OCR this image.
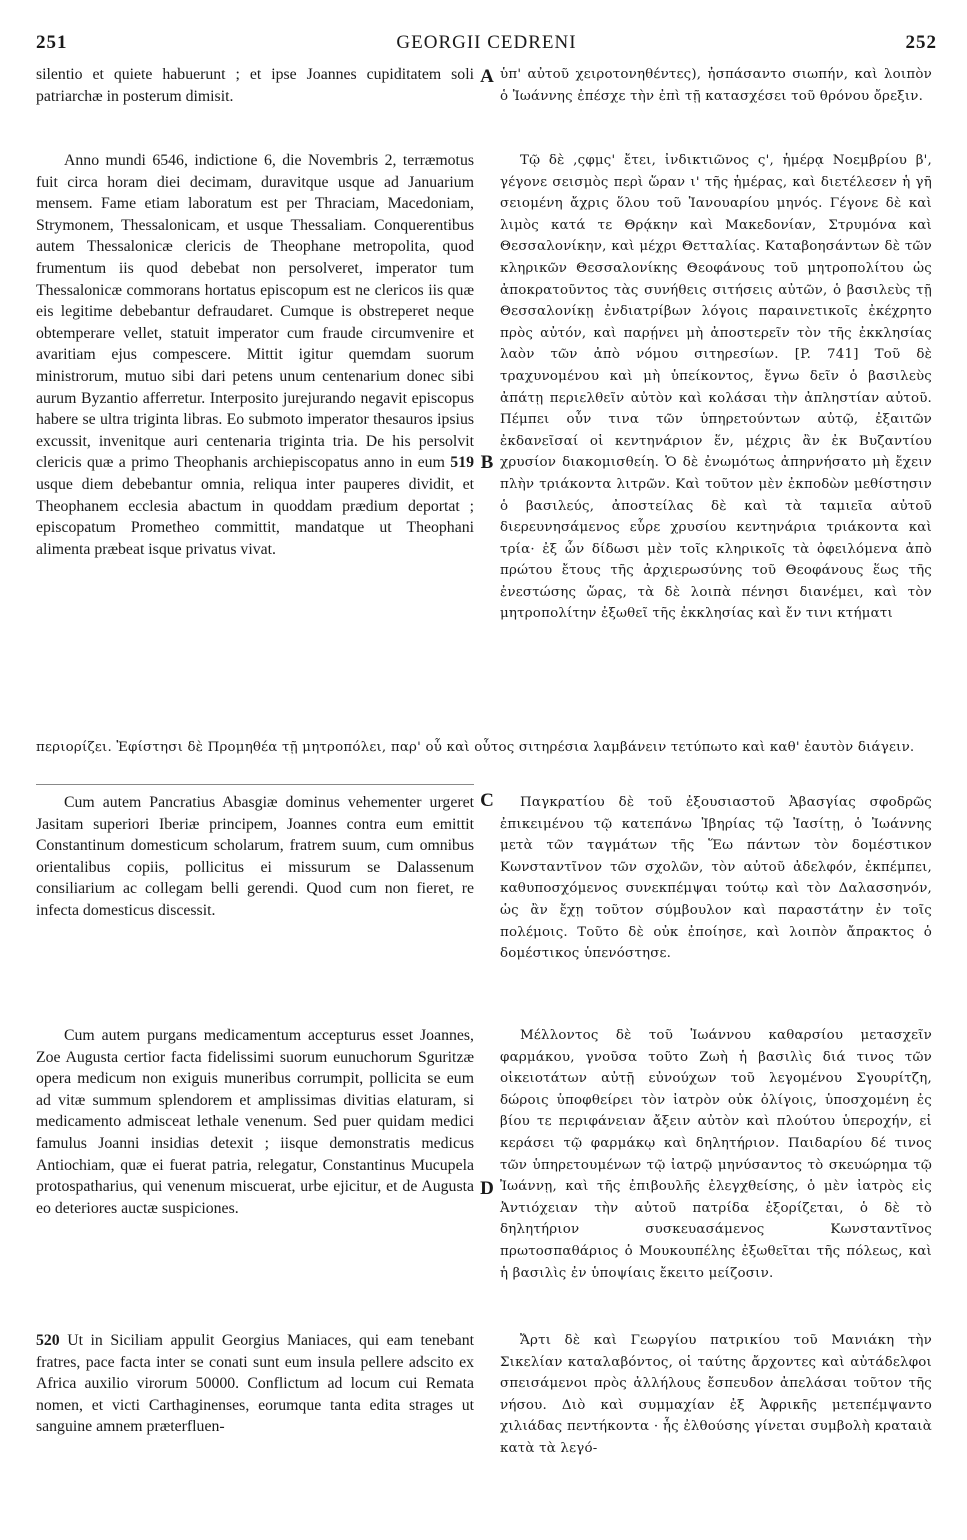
251	GEORGII CEDRENI	252

silentio et quiete habuerunt ; et ipse Joannes cupiditatem soli patriarchæ in posterum dimisit.

A ὑπ' αὐτοῦ χειροτονηθέντες), ἠσπάσαντο σιωπήν, καὶ λοιπὸν ὁ Ἰωάννης ἐπέσχε τὴν ἐπὶ τῇ κατασχέσει τοῦ θρόνου ὄρεξιν.

Anno mundi 6546, indictione 6, die Novembris 2, terræmotus fuit circa horam diei decimam, duravitque usque ad Januarium mensem. Fame etiam laboratum est per Thraciam, Macedoniam, Strymonem, Thessalonicam, et usque Thessaliam. Conquerentibus autem Thessalonicæ clericis de Theophane metropolita, quod frumentum iis quod debebat non persolveret, imperator tum Thessalonicæ commorans hortatus episcopum est ne clericos iis quæ eis legitime debebantur defraudaret. Cumque is obstreperet neque obtemperare vellet, statuit imperator cum fraude circumvenire et avaritiam ejus compescere. Mittit igitur quemdam suorum ministrorum, mutuo sibi dari petens unum centenarium donec sibi aurum Byzantio afferretur. Interposito jurejurando negavit episcopus habere se ultra triginta libras. Eo submoto imperator thesauros ipsius excussit, invenitque auri centenaria triginta tria. De his persolvit clericis quæ a primo Theophanis archiepiscopatus anno in eum 519 usque diem debebantur omnia, reliqua inter pauperes dividit, et Theophanem ecclesia abactum in quoddam prædium deportat ; episcopatum Prometheo committit, mandatque ut Theophani alimenta præbeat isque privatus vivat.

B

Τῷ δὲ ,ςφμς' ἔτει, ἰνδικτιῶνος ς', ἡμέρᾳ Νοεμβρίου β', γέγονε σεισμὸς περὶ ὥραν ι' τῆς ἡμέρας, καὶ διετέλεσεν ἡ γῆ σειομένη ἄχρις ὅλου τοῦ Ἰανουαρίου μηνός. Γέγονε δὲ καὶ λιμὸς κατά τε Θρᾴκην καὶ Μακεδονίαν, Στρυμόνα καὶ Θεσσαλονίκην, καὶ μέχρι Θετταλίας. Καταβοησάντων δὲ τῶν κληρικῶν Θεσσαλονίκης Θεοφάνους τοῦ μητροπολίτου ὡς ἀποκρατοῦντος τὰς συνήθεις σιτήσεις αὐτῶν, ὁ βασιλεὺς τῇ Θεσσαλονίκῃ ἐνδιατρίβων λόγοις παραινετικοῖς ἐκέχρητο πρὸς αὐτόν, καὶ παρῄνει μὴ ἀποστερεῖν τὸν τῆς ἐκκλησίας λαὸν τῶν ἀπὸ νόμου σιτηρεσίων. [P. 741] Τοῦ δὲ τραχυνομένου καὶ μὴ ὑπείκοντος, ἔγνω δεῖν ὁ βασιλεὺς ἀπάτῃ περιελθεῖν αὐτὸν καὶ κολάσαι τὴν ἀπληστίαν αὐτοῦ. Πέμπει οὖν τινα τῶν ὑπηρετούντων αὐτῷ, ἐξαιτῶν ἐκδανεῖσαί οἱ κεντηνάριον ἕν, μέχρις ἂν ἐκ Βυζαντίου χρυσίον διακομισθείη. Ὁ δὲ ἐνωμότως ἀπηρνήσατο μὴ ἔχειν πλὴν τριάκοντα λιτρῶν. Καὶ τοῦτον μὲν ἐκποδὼν μεθίστησιν ὁ βασιλεύς, ἀποστείλας δὲ καὶ τὰ ταμιεῖα αὐτοῦ διερευνησάμενος εὗρε χρυσίου κεντηνάρια τριάκοντα καὶ τρία· ἐξ ὧν δίδωσι μὲν τοῖς κληρικοῖς τὰ ὀφειλόμενα ἀπὸ πρώτου ἔτους τῆς ἀρχιερωσύνης τοῦ Θεοφάνους ἕως τῆς ἐνεστώσης ὥρας, τὰ δὲ λοιπὰ πένησι διανέμει, καὶ τὸν μητροπολίτην ἐξωθεῖ τῆς ἐκκλησίας καὶ ἔν τινι κτήματι

περιορίζει. Ἐφίστησι δὲ Προμηθέα τῇ μητροπόλει, παρ' οὗ καὶ οὗτος σιτηρέσια λαμβάνειν τετύπωτο καὶ καθ' ἑαυτὸν διάγειν.

Cum autem Pancratius Abasgiæ dominus vehementer urgeret Jasitam superiori Iberiæ principem, Joannes contra eum emittit Constantinum domesticum scholarum, fratrem suum, cum omnibus orientalibus copiis, pollicitus ei missurum se Dalassenum consiliarium ac collegam belli gerendi. Quod cum non fieret, re infecta domesticus discessit.

C	Παγκρατίου δὲ τοῦ ἐξουσιαστοῦ Ἀβασγίας σφοδρῶς ἐπικειμένου τῷ κατεπάνω Ἰβηρίας τῷ Ἰασίτῃ, ὁ Ἰωάννης μετὰ τῶν ταγμάτων τῆς Ἕω πάντων τὸν δομέστικον Κωνσταντῖνον τῶν σχολῶν, τὸν αὐτοῦ ἀδελφόν, ἐκπέμπει, καθυποσχόμενος συνεκπέμψαι τούτῳ καὶ τὸν Δαλασσηνόν, ὡς ἂν ἔχῃ τοῦτον σύμβουλον καὶ παραστάτην ἐν τοῖς πολέμοις. Τοῦτο δὲ οὐκ ἐποίησε, καὶ λοιπὸν ἄπρακτος ὁ δομέστικος ὑπενόστησε.

Cum autem purgans medicamentum accepturus esset Joannes, Zoe Augusta certior facta fidelissimi suorum eunuchorum Sguritzæ opera medicum non exiguis muneribus corrumpit, pollicita se eum ad vitæ summum splendorem et amplissimas divitias elaturam, si medicamento admisceat lethale venenum. Sed puer quidam medici famulus Joanni insidias detexit ; iisque demonstratis medicus Antiochiam, quæ ei fuerat patria, relegatur, Constantinus Mucupela protospatharius, qui venenum miscuerat, urbe ejicitur, et de Augusta eo deteriores auctæ suspiciones.

D

Μέλλοντος δὲ τοῦ Ἰωάννου καθαρσίου μετασχεῖν φαρμάκου, γνοῦσα τοῦτο Ζωὴ ἡ βασιλὶς διά τινος τῶν οἰκειοτάτων αὐτῇ εὐνούχων τοῦ λεγομένου Σγουρίτζη, δώροις ὑποφθείρει τὸν ἰατρὸν οὐκ ὀλίγοις, ὑποσχομένη ἐς βίου τε περιφάνειαν ἄξειν αὐτὸν καὶ πλούτου ὑπεροχήν, εἰ κεράσει τῷ φαρμάκῳ καὶ δηλητήριον. Παιδαρίου δέ τινος τῶν ὑπηρετουμένων τῷ ἰατρῷ μηνύσαντος τὸ σκευώρημα τῷ Ἰωάννῃ, καὶ τῆς ἐπιβουλῆς ἐλεγχθείσης, ὁ μὲν ἰατρὸς εἰς Ἀντιόχειαν τὴν αὐτοῦ πατρίδα ἐξορίζεται, ὁ δὲ τὸ δηλητήριον συσκευασάμενος Κωνσταντῖνος πρωτοσπαθάριος ὁ Μουκουπέλης ἐξωθεῖται τῆς πόλεως, καὶ ἡ βασιλὶς ἐν ὑποψίαις ἔκειτο μείζοσιν.

520 Ut in Siciliam appulit Georgius Maniaces, qui eam tenebant fratres, pace facta inter se conati sunt eum insula pellere adscito ex Africa auxilio virorum 50000. Conflictum ad locum cui Remata nomen, et victi Carthaginenses, eorumque tanta edita strages ut sanguine amnem præterfluen-

Ἄρτι δὲ καὶ Γεωργίου πατρικίου τοῦ Μανιάκη τὴν Σικελίαν καταλαβόντος, οἱ ταύτης ἄρχοντες καὶ αὐτάδελφοι σπεισάμενοι πρὸς ἀλλήλους ἔσπευδον ἀπελάσαι τοῦτον τῆς νήσου. Διὸ καὶ συμμαχίαν ἐξ Ἀφρικῆς μετεπέμψαντο χιλιάδας πεντήκοντα · ἧς ἐλθούσης γίνεται συμβολὴ κραταιὰ κατὰ τὰ λεγό-
